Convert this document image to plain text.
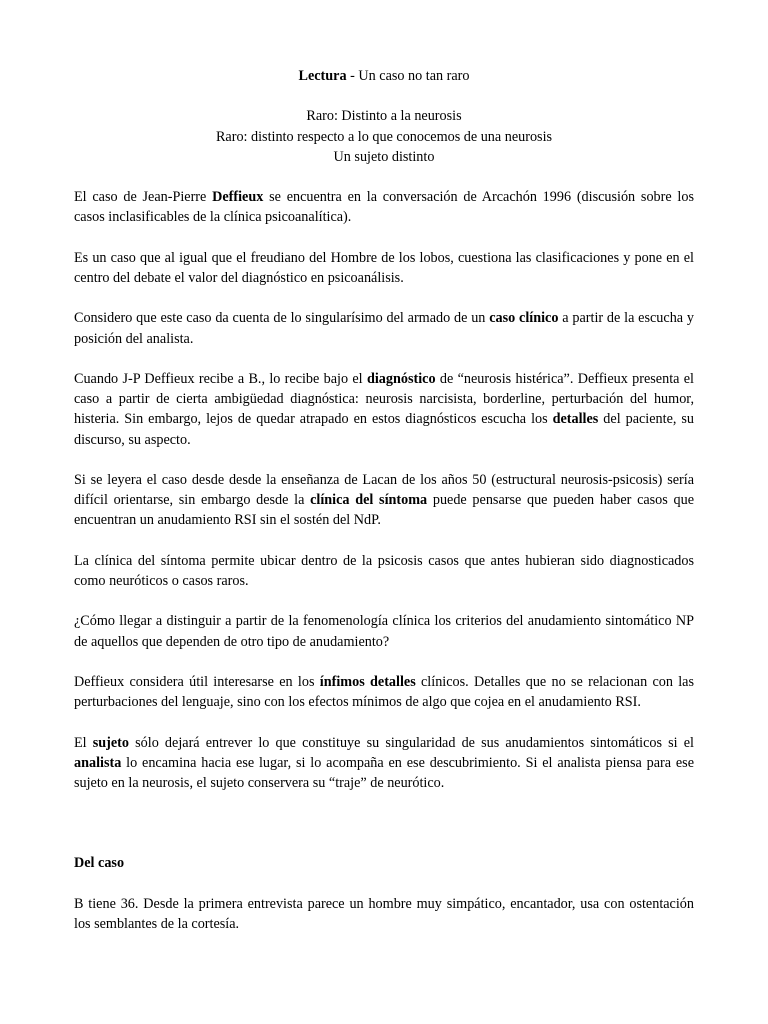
Lectura - Un caso no tan raro

Raro: Distinto a la neurosis

Raro: distinto respecto a lo que conocemos de una neurosis

Un sujeto distinto

El caso de Jean-Pierre Deffieux se encuentra en la conversación de Arcachón 1996 (discusión sobre los casos inclasificables de la clínica psicoanalítica).

Es un caso que al igual que el freudiano del Hombre de los lobos, cuestiona las clasificaciones y pone en el centro del debate el valor del diagnóstico en psicoanálisis.

Considero que este caso da cuenta de lo singularísimo del armado de un caso clínico a partir de la escucha y posición del analista.

Cuando J-P Deffieux recibe a B., lo recibe bajo el diagnóstico de “neurosis histérica”. Deffieux presenta el caso a partir de cierta ambigüedad diagnóstica: neurosis narcisista, borderline, perturbación del humor, histeria. Sin embargo, lejos de quedar atrapado en estos diagnósticos escucha los detalles del paciente, su discurso, su aspecto.

Si se leyera el caso desde desde la enseñanza de Lacan de los años 50 (estructural neurosis-psicosis) sería difícil orientarse, sin embargo desde la clínica del síntoma puede pensarse que pueden haber casos que encuentran un anudamiento RSI sin el sostén del NdP.

La clínica del síntoma permite ubicar dentro de la psicosis casos que antes hubieran sido diagnosticados como neuróticos o casos raros.

¿Cómo llegar a distinguir a partir de la fenomenología clínica los criterios del anudamiento sintomático NP de aquellos que dependen de otro tipo de anudamiento?

Deffieux considera útil interesarse en los ínfimos detalles clínicos. Detalles que no se relacionan con las perturbaciones del lenguaje, sino con los efectos mínimos de algo que cojea en el anudamiento RSI.

El sujeto sólo dejará entrever lo que constituye su singularidad de sus anudamientos sintomáticos si el analista lo encamina hacia ese lugar, si lo acompaña en ese descubrimiento. Si el analista piensa para ese sujeto en la neurosis, el sujeto conservera su “traje” de neurótico.

Del caso

B tiene 36. Desde la primera entrevista parece un hombre muy simpático, encantador, usa con ostentación los semblantes de la cortesía.
